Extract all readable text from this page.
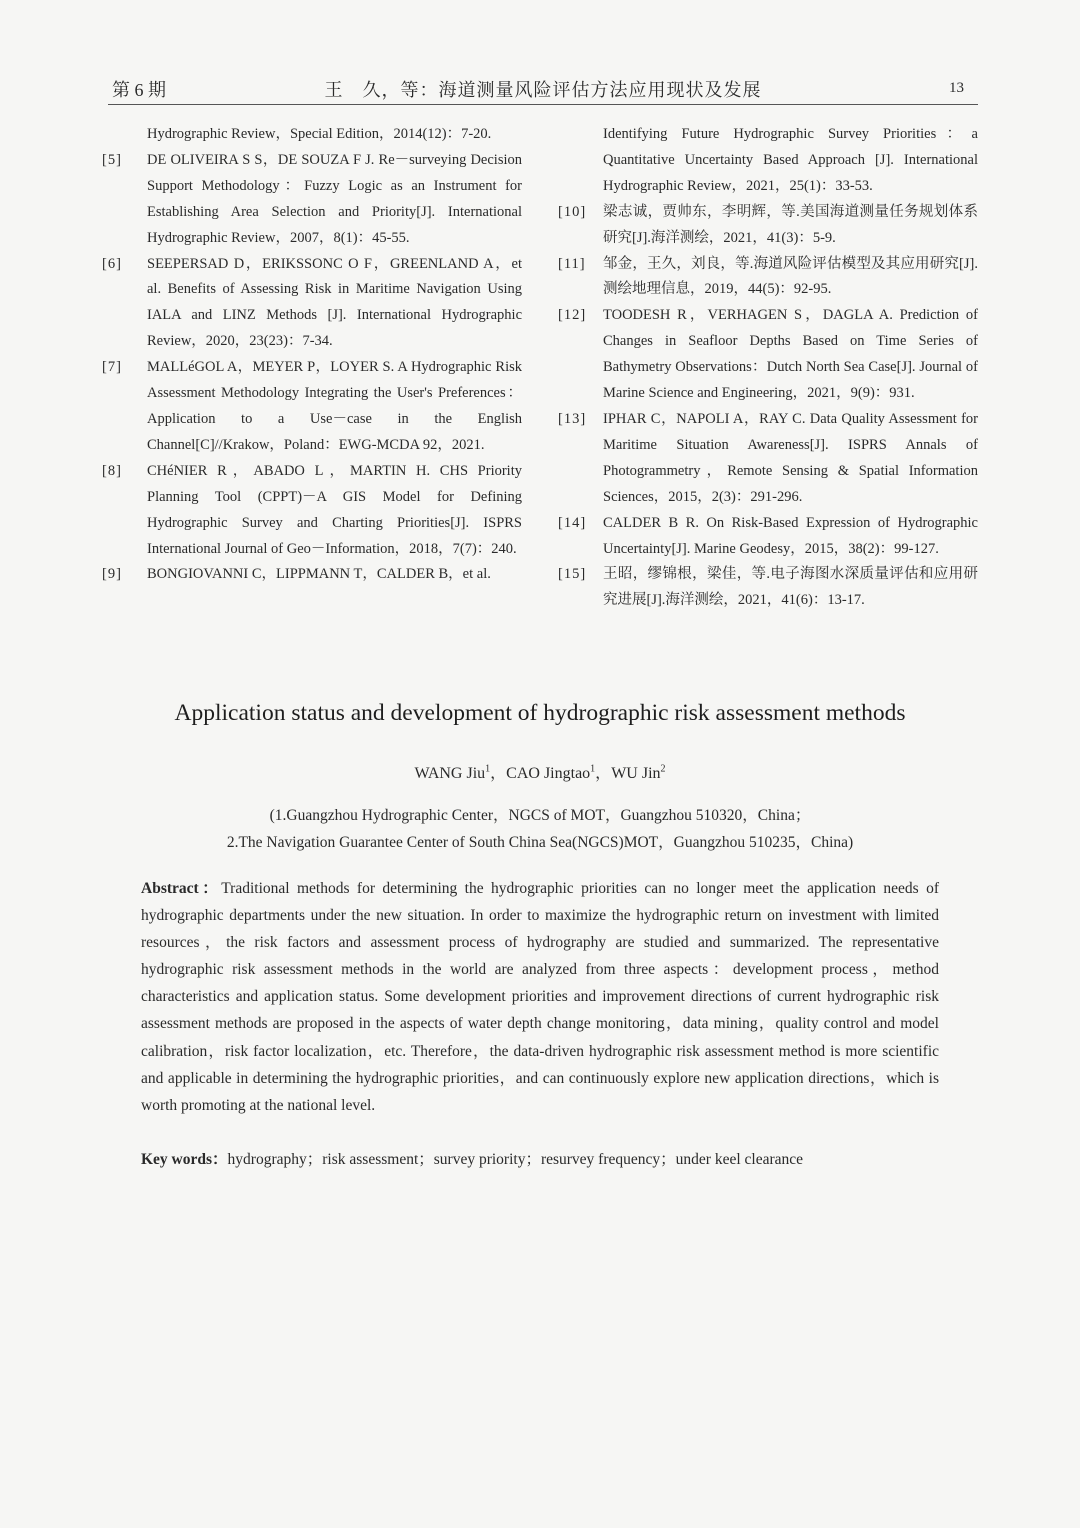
第 6 期	王　久，等：海道测量风险评估方法应用现状及发展	13
Hydrographic Review，Special Edition，2014(12)：7-20.
[5]	DE OLIVEIRA S S，DE SOUZA F J. Re－surveying Decision Support Methodology：Fuzzy Logic as an Instrument for Establishing Area Selection and Priority[J]. International Hydrographic Review，2007，8(1)：45-55.
[6]	SEEPERSAD D，ERIKSSONC O F，GREENLAND A，et al. Benefits of Assessing Risk in Maritime Navigation Using IALA and LINZ Methods [J]. International Hydrographic Review，2020，23(23)：7-34.
[7]	MALLéGOL A，MEYER P，LOYER S. A Hydrographic Risk Assessment Methodology Integrating the User's Preferences：Application to a Use－case in the English Channel[C]//Krakow，Poland：EWG-MCDA 92，2021.
[8]	CHéNIER R，ABADO L，MARTIN H. CHS Priority Planning Tool (CPPT)－A GIS Model for Defining Hydrographic Survey and Charting Priorities[J]. ISPRS International Journal of Geo－Information，2018，7(7)：240.
[9]	BONGIOVANNI C，LIPPMANN T，CALDER B，et al.
Identifying Future Hydrographic Survey Priorities：a Quantitative Uncertainty Based Approach [J]. International Hydrographic Review，2021，25(1)：33-53.
[10]	梁志诚，贾帅东，李明辉，等.美国海道测量任务规划体系研究[J].海洋测绘，2021，41(3)：5-9.
[11]	邹金，王久，刘良，等.海道风险评估模型及其应用研究[J].测绘地理信息，2019，44(5)：92-95.
[12]	TOODESH R，VERHAGEN S，DAGLA A. Prediction of Changes in Seafloor Depths Based on Time Series of Bathymetry Observations：Dutch North Sea Case[J]. Journal of Marine Science and Engineering，2021，9(9)：931.
[13]	IPHAR C，NAPOLI A，RAY C. Data Quality Assessment for Maritime Situation Awareness[J]. ISPRS Annals of Photogrammetry，Remote Sensing & Spatial Information Sciences，2015，2(3)：291-296.
[14]	CALDER B R. On Risk-Based Expression of Hydrographic Uncertainty[J]. Marine Geodesy，2015，38(2)：99-127.
[15]	王昭，缪锦根，梁佳，等.电子海图水深质量评估和应用研究进展[J].海洋测绘，2021，41(6)：13-17.
Application status and development of hydrographic risk assessment methods
WANG Jiu$^1$，CAO Jingtao$^1$，WU Jin$^2$
(1.Guangzhou Hydrographic Center，NGCS of MOT，Guangzhou 510320，China；
2.The Navigation Guarantee Center of South China Sea(NGCS)MOT，Guangzhou 510235，China)
Abstract：Traditional methods for determining the hydrographic priorities can no longer meet the application needs of hydrographic departments under the new situation. In order to maximize the hydrographic return on investment with limited resources，the risk factors and assessment process of hydrography are studied and summarized. The representative hydrographic risk assessment methods in the world are analyzed from three aspects：development process，method characteristics and application status. Some development priorities and improvement directions of current hydrographic risk assessment methods are proposed in the aspects of water depth change monitoring，data mining，quality control and model calibration，risk factor localization，etc. Therefore，the data-driven hydrographic risk assessment method is more scientific and applicable in determining the hydrographic priorities，and can continuously explore new application directions，which is worth promoting at the national level.
Key words：hydrography；risk assessment；survey priority；resurvey frequency；under keel clearance
